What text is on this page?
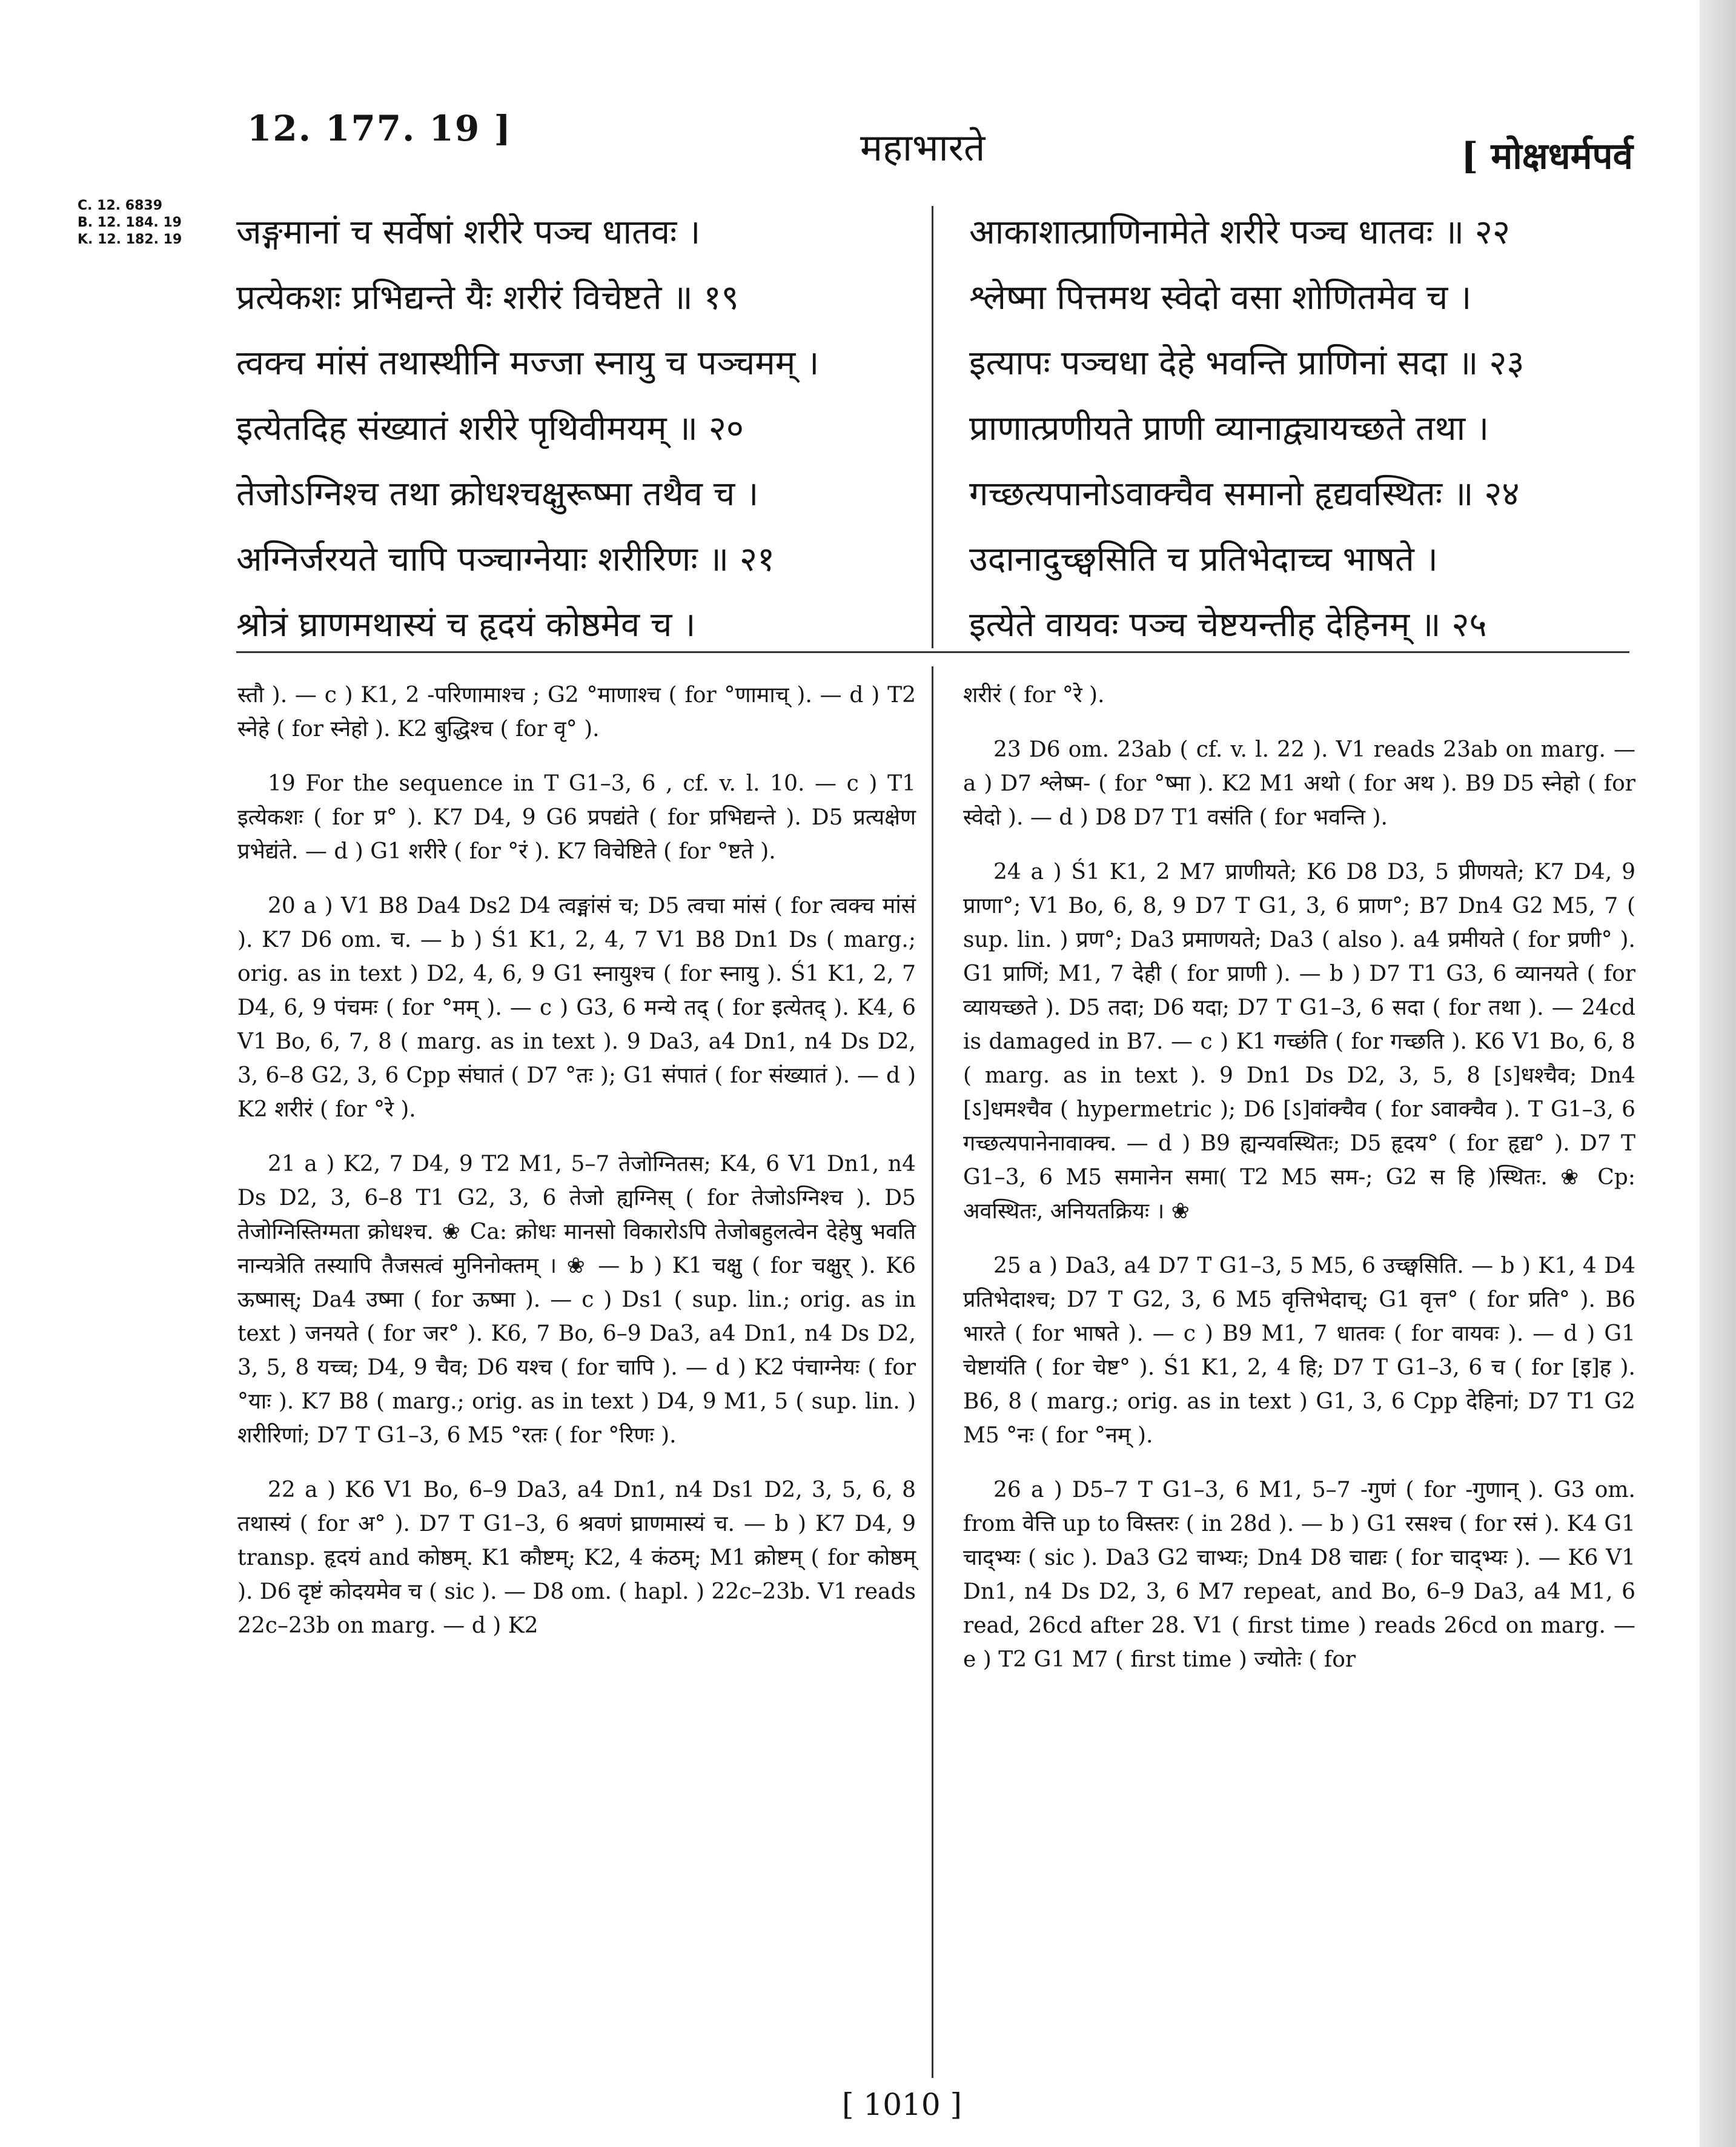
12. 177. 19 ]	महाभारते	[ मोक्षधर्मपर्व
C. 12. 6839
B. 12. 184. 19
K. 12. 182. 19 जङ्गमानां च सर्वेषां शरीरे पञ्च धातवः ।
प्रत्येकशः प्रभिद्यन्ते यैः शरीरं विचेष्टते ॥ १९
त्वक्च मांसं तथास्थीनि मज्जा स्नायु च पञ्चमम् ।
इत्येतदिह संख्यातं शरीरे पृथिवीमयम् ॥ २०
तेजोऽग्निश्च तथा क्रोधश्चक्षुरूष्मा तथैव च ।
अग्निर्जरयते चापि पञ्चाग्नेयाः शरीरिणः ॥ २१
श्रोत्रं घ्राणमथास्यं च हृदयं कोष्ठमेव च ।
आकाशात्प्राणिनामेते शरीरे पञ्च धातवः ॥ २२
श्लेष्मा पित्तमथ स्वेदो वसा शोणितमेव च ।
इत्यापः पञ्चधा देहे भवन्ति प्राणिनां सदा ॥ २३
प्राणात्प्रणीयते प्राणी व्यानाद्व्यायच्छते तथा ।
गच्छत्यपानोऽवाक्चैव समानो हृद्यवस्थितः ॥ २४
उदानादुच्छ्वसिति च प्रतिभेदाच्च भाषते ।
इत्येते वायवः पञ्च चेष्टयन्तीह देहिनम् ॥ २५

स्तौ ). — c ) K1, 2 -परिणामाश्च ; G2 °माणाश्च ( for °णामाच् ). — d ) T2 स्नेहे ( for स्नेहो ). K2 बुद्धिश्च ( for वृ° ).

19 For the sequence in T G1–3, 6 , cf. v. l. 10. — c ) T1 इत्येकशः ( for प्र° ). K7 D4, 9 G6 प्रपद्यंते ( for प्रभिद्यन्ते ). D5 प्रत्यक्षेण प्रभेद्यंते. — d ) G1 शरीरे ( for °रं ). K7 विचेष्टिते ( for °ष्टते ).

20 a ) V1 B8 Da4 Ds2 D4 त्वङ्मांसं च; D5 त्वचा मांसं ( for त्वक्च मांसं ). K7 D6 om. च. — b ) Ś1 K1, 2, 4, 7 V1 B8 Dn1 Ds ( marg.; orig. as in text ) D2, 4, 6, 9 G1 स्नायुश्च ( for स्नायु ). Ś1 K1, 2, 7 D4, 6, 9 पंचमः ( for °मम् ). — c ) G3, 6 मन्ये तद् ( for इत्येतद् ). K4, 6 V1 Bo, 6, 7, 8 ( marg. as in text ). 9 Da3, a4 Dn1, n4 Ds D2, 3, 6–8 G2, 3, 6 Cpp संघातं ( D7 °तः ); G1 संपातं ( for संख्यातं ). — d ) K2 शरीरं ( for °रे ).

21 a ) K2, 7 D4, 9 T2 M1, 5–7 तेजोग्नितस; K4, 6 V1 Dn1, n4 Ds D2, 3, 6–8 T1 G2, 3, 6 तेजो ह्यग्निस् ( for तेजोऽग्निश्च ). D5 तेजोग्निस्तिग्मता क्रोधश्च. ❀ Ca: क्रोधः मानसो विकारोऽपि तेजोबहुलत्वेन देहेषु भवति नान्यत्रेति तस्यापि तैजसत्वं मुनिनोक्तम् । ❀ — b ) K1 चक्षु ( for चक्षुर् ). K6 ऊष्मास्; Da4 उष्मा ( for ऊष्मा ). — c ) Ds1 ( sup. lin.; orig. as in text ) जनयते ( for जर° ). K6, 7 Bo, 6–9 Da3, a4 Dn1, n4 Ds D2, 3, 5, 8 यच्च; D4, 9 चैव; D6 यश्च ( for चापि ). — d ) K2 पंचाग्नेयः ( for °याः ). K7 B8 ( marg.; orig. as in text ) D4, 9 M1, 5 ( sup. lin. ) शरीरिणां; D7 T G1–3, 6 M5 °रतः ( for °रिणः ).

22 a ) K6 V1 Bo, 6–9 Da3, a4 Dn1, n4 Ds1 D2, 3, 5, 6, 8 तथास्यं ( for अ° ). D7 T G1–3, 6 श्रवणं घ्राणमास्यं च. — b ) K7 D4, 9 transp. हृदयं and कोष्ठम्. K1 कौष्टम्; K2, 4 कंठम्; M1 क्रोष्टम् ( for कोष्ठम् ). D6 दृष्टं कोदयमेव च ( sic ). — D8 om. ( hapl. ) 22c–23b. V1 reads 22c–23b on marg. — d ) K2

शरीरं ( for °रे ).

23 D6 om. 23ab ( cf. v. l. 22 ). V1 reads 23ab on marg. — a ) D7 श्लेष्म- ( for °ष्मा ). K2 M1 अथो ( for अथ ). B9 D5 स्नेहो ( for स्वेदो ). — d ) D8 D7 T1 वसंति ( for भवन्ति ).

24 a ) Ś1 K1, 2 M7 प्राणीयते; K6 D8 D3, 5 प्रीणयते; K7 D4, 9 प्राणा°; V1 Bo, 6, 8, 9 D7 T G1, 3, 6 प्राण°; B7 Dn4 G2 M5, 7 ( sup. lin. ) प्रण°; Da3 प्रमाणयते; Da3 ( also ). a4 प्रमीयते ( for प्रणी° ). G1 प्राणिं; M1, 7 देही ( for प्राणी ). — b ) D7 T1 G3, 6 व्यानयते ( for व्यायच्छते ). D5 तदा; D6 यदा; D7 T G1–3, 6 सदा ( for तथा ). — 24cd is damaged in B7. — c ) K1 गच्छंति ( for गच्छति ). K6 V1 Bo, 6, 8 ( marg. as in text ). 9 Dn1 Ds D2, 3, 5, 8 [ऽ]धश्चैव; Dn4 [ऽ]धमश्चैव ( hypermetric ); D6 [ऽ]वांक्चैव ( for ऽवाक्चैव ). T G1–3, 6 गच्छत्यपानेनावाक्च. — d ) B9 ह्यन्यवस्थितः; D5 हृदय° ( for हृद्य° ). D7 T G1–3, 6 M5 समानेन समा( T2 M5 सम-; G2 स हि )स्थितः. ❀ Cp: अवस्थितः, अनियतक्रियः । ❀

25 a ) Da3, a4 D7 T G1–3, 5 M5, 6 उच्छ्वसिति. — b ) K1, 4 D4 प्रतिभेदाश्च; D7 T G2, 3, 6 M5 वृत्तिभेदाच्; G1 वृत्त° ( for प्रति° ). B6 भारते ( for भाषते ). — c ) B9 M1, 7 धातवः ( for वायवः ). — d ) G1 चेष्टायंति ( for चेष्ट° ). Ś1 K1, 2, 4 हि; D7 T G1–3, 6 च ( for [इ]ह ). B6, 8 ( marg.; orig. as in text ) G1, 3, 6 Cpp देहिनां; D7 T1 G2 M5 °नः ( for °नम् ).

26 a ) D5–7 T G1–3, 6 M1, 5–7 -गुणं ( for -गुणान् ). G3 om. from वेत्ति up to विस्तरः ( in 28d ). — b ) G1 रसश्च ( for रसं ). K4 G1 चाद्भ्यः ( sic ). Da3 G2 चाभ्यः; Dn4 D8 चाद्यः ( for चाद्भ्यः ). — K6 V1 Dn1, n4 Ds D2, 3, 6 M7 repeat, and Bo, 6–9 Da3, a4 M1, 6 read, 26cd after 28. V1 ( first time ) reads 26cd on marg. — e ) T2 G1 M7 ( first time ) ज्योतेः ( for

[ 1010 ]
